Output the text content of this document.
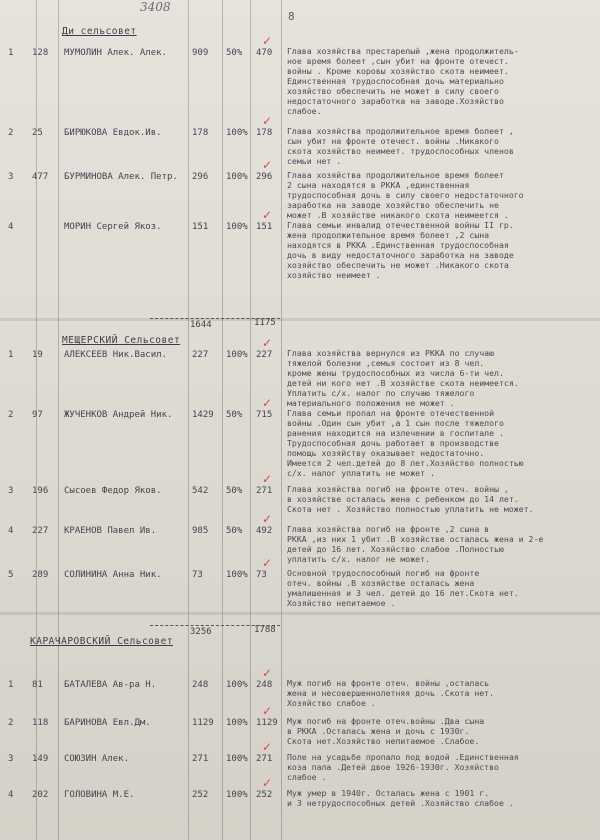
3408
8
Ди сельсовет
1 128 МУМОЛИН Алек. Алек.	909 50% 470
✓
Глава хозяйства престарелый ,жена продолжитель-
ное время болеет ,сын убит на фронте отечест.
войны . Кроме коровы хозяйство скота неимеет.
Единственная трудоспособная дочь материально
хозяйство обеспечить не может в силу своего
недостаточного заработка на заводе.Хозяйство
слабое.
2 25 БИРЮКОВА Евдок.Ив.	178 100% 178
✓
Глава хозяйства продолжительное время болеет ,
сын убит на фронте отечест. войны .Никакого
скота хозяйство неимеет. трудоспособных членов
семьи нет .
3 477 БУРМИНОВА Алек. Петр. 296 100% 296
✓
Глава хозяйства продолжительное время болеет
2 сына находятся в РККА ,единственная
трудоспособная дочь в силу своего недостаточного
заработка на заводе хозяйство обеспечить не
может .В хозяйстве никакого скота неимеется .
4	МОРИН Сергей Якоз.	151 100% 151
✓
Глава семьи инвалид отечественной войны II гр.
жена продолжительное время болеет ,2 сына
находятся в РККА .Единственная трудоспособная
дочь в виду недостаточного заработка на заводе
хозяйство обеспечить не может .Никакого скота
хозяйство неимеет .
1644	1175
МЕЩЕРСКИЙ Сельсовет
1 19 АЛЕКСЕЕВ Ник.Васил.	227 100% 227
✓
Глава хозяйства вернулся из РККА по случаю
тяжелой болезни ,семья состоит из 8 чел.
кроме жены трудоспособных из числа 6-ти чел.
детей ни кого нет .В хозяйстве скота неимеется.
Уплатить с/х. налог по случаю тяжелого
материального положения не может .
2 97 ЖУЧЕНКОВ Андрей Ник. 1429 50% 715
✓
Глава семьи пропал на фронте отечественной
войны .Один сын убит ,а 1 сын после тяжелого
ранения находится на излечении в госпитале .
Трудоспособная дочь работает в производстве
помощь хозяйству оказывает недостаточно.
Имеется 2 чел.детей до 8 лет.Хозяйство полностью
с/х. налог уплатить не может .
3 196 Сысоев Федор Яков.	542 50% 271
✓
Глава хозяйства погиб на фронте отеч. войны ,
в хозяйстве осталась жена с ребенком до 14 лет.
Скота нет . Хозяйство полностью уплатить не может.
4 227 КРАЕНОВ Павел Ив.	985 50% 492
✓
Глава хозяйства погиб на фронте ,2 сына в
РККА ,из них 1 убит .В хозяйстве осталась жена и 2-е
детей до 16 лет. Хозяйство слабое .Полностью
уплатить с/х. налог не может.
5 289 СОЛИНИНА Анна Ник.	73	100% 73
✓
Основной трудоспособный погиб на фронте
отеч. войны .В хозяйстве осталась жена
умалишенная и 3 чел. детей до 16 лет.Скота нет.
Хозяйство непитаемое .
3256	1788
КАРАЧАРОВСКИЙ Сельсовет
1 81 БАТАЛЕВА Ав-ра Н.	248 100% 248
✓
Муж погиб на фронте отеч. войны ,осталась
жена и несовершеннолетняя дочь .Скота нет.
Хозяйство слабое .
2 118 БАРИНОВА Евл.Дм.	1129 100% 1129
✓
Муж погиб на фронте отеч.войны .Два сына
в РККА .Осталась жена и дочь с 1930г.
Скота нет.Хозяйство непитаемое .Слабое.
3 149 СОЮЗИН Алек.	271 100% 271
✓
Поле на усадьбе пропало под водой .Единственная
коза пала .Детей двое 1926-1930г. Хозяйство
слабое .
4 202 ГОЛОВИНА М.Е.	252 100% 252
✓
Муж умер в 1940г. Осталась жена с 1901 г.
и 3 нетрудоспособных детей .Хозяйство слабое .
